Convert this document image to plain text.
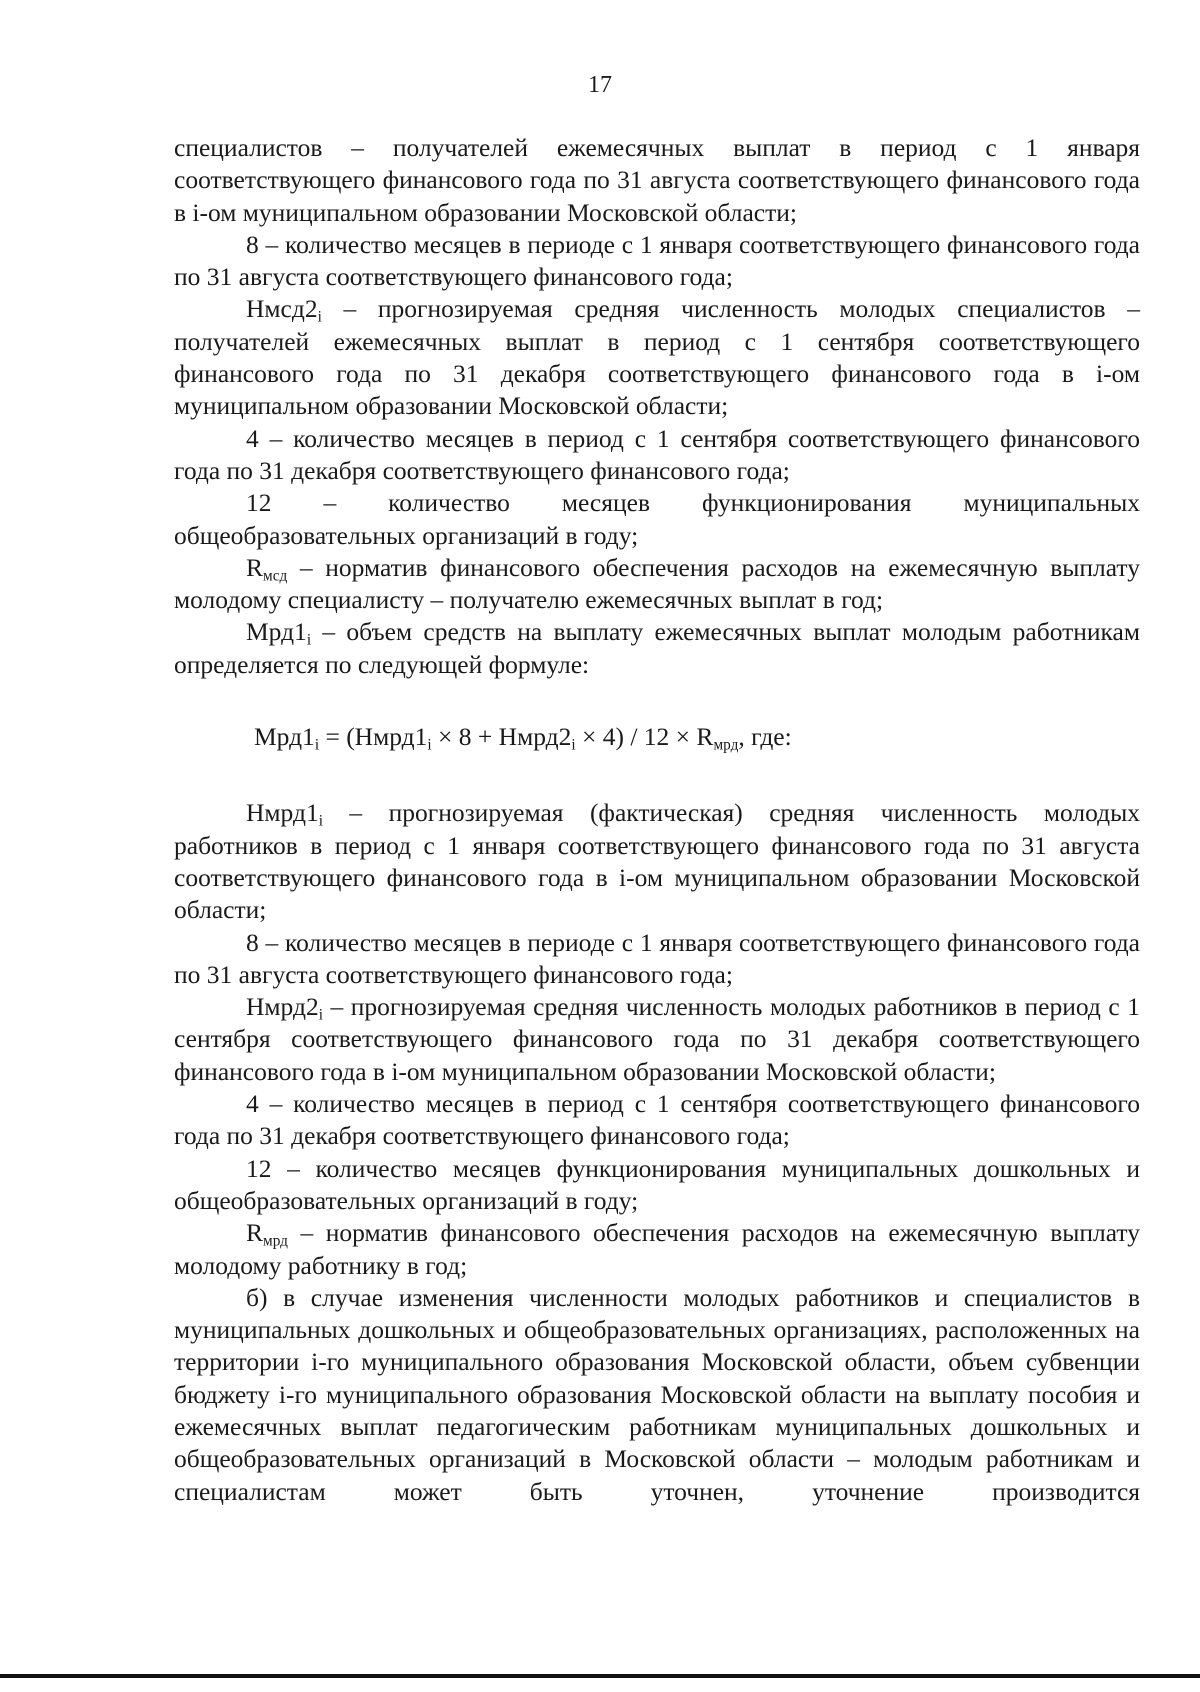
17

специалистов – получателей ежемесячных выплат в период с 1 января соответствующего финансового года по 31 августа соответствующего финансового года в i-ом муниципальном образовании Московской области;

8 – количество месяцев в периоде с 1 января соответствующего финансового года по 31 августа соответствующего финансового года;

$Нмсд2_i$ – прогнозируемая средняя численность молодых специалистов – получателей ежемесячных выплат в период с 1 сентября соответствующего финансового года по 31 декабря соответствующего финансового года в i-ом муниципальном образовании Московской области;

4 – количество месяцев в период с 1 сентября соответствующего финансового года по 31 декабря соответствующего финансового года;

12 – количество месяцев функционирования муниципальных общеобразовательных организаций в году;

$R_{мсд}$ – норматив финансового обеспечения расходов на ежемесячную выплату молодому специалисту – получателю ежемесячных выплат в год;

$Мрд1_i$ – объем средств на выплату ежемесячных выплат молодым работникам определяется по следующей формуле:

$Мрд1_i$ = ($Нмрд1_i \times 8$ + $Нмрд2_i \times 4) / 12 \times R_{мрд}$, где:

$Нмрд1_i$ – прогнозируемая (фактическая) средняя численность молодых работников в период с 1 января соответствующего финансового года по 31 августа соответствующего финансового года в i-ом муниципальном образовании Московской области;

8 – количество месяцев в периоде с 1 января соответствующего финансового года по 31 августа соответствующего финансового года;

$Нмрд2_i$ – прогнозируемая средняя численность молодых работников в период с 1 сентября соответствующего финансового года по 31 декабря соответствующего финансового года в i-ом муниципальном образовании Московской области;

4 – количество месяцев в период с 1 сентября соответствующего финансового года по 31 декабря соответствующего финансового года;

12 – количество месяцев функционирования муниципальных дошкольных и общеобразовательных организаций в году;

$R_{мрд}$ – норматив финансового обеспечения расходов на ежемесячную выплату молодому работнику в год;

б) в случае изменения численности молодых работников и специалистов в муниципальных дошкольных и общеобразовательных организациях, расположенных на территории i-го муниципального образования Московской области, объем субвенции бюджету i-го муниципального образования Московской области на выплату пособия и ежемесячных выплат педагогическим работникам муниципальных дошкольных и общеобразовательных организаций в Московской области – молодым работникам и специалистам может быть уточнен, уточнение производится
